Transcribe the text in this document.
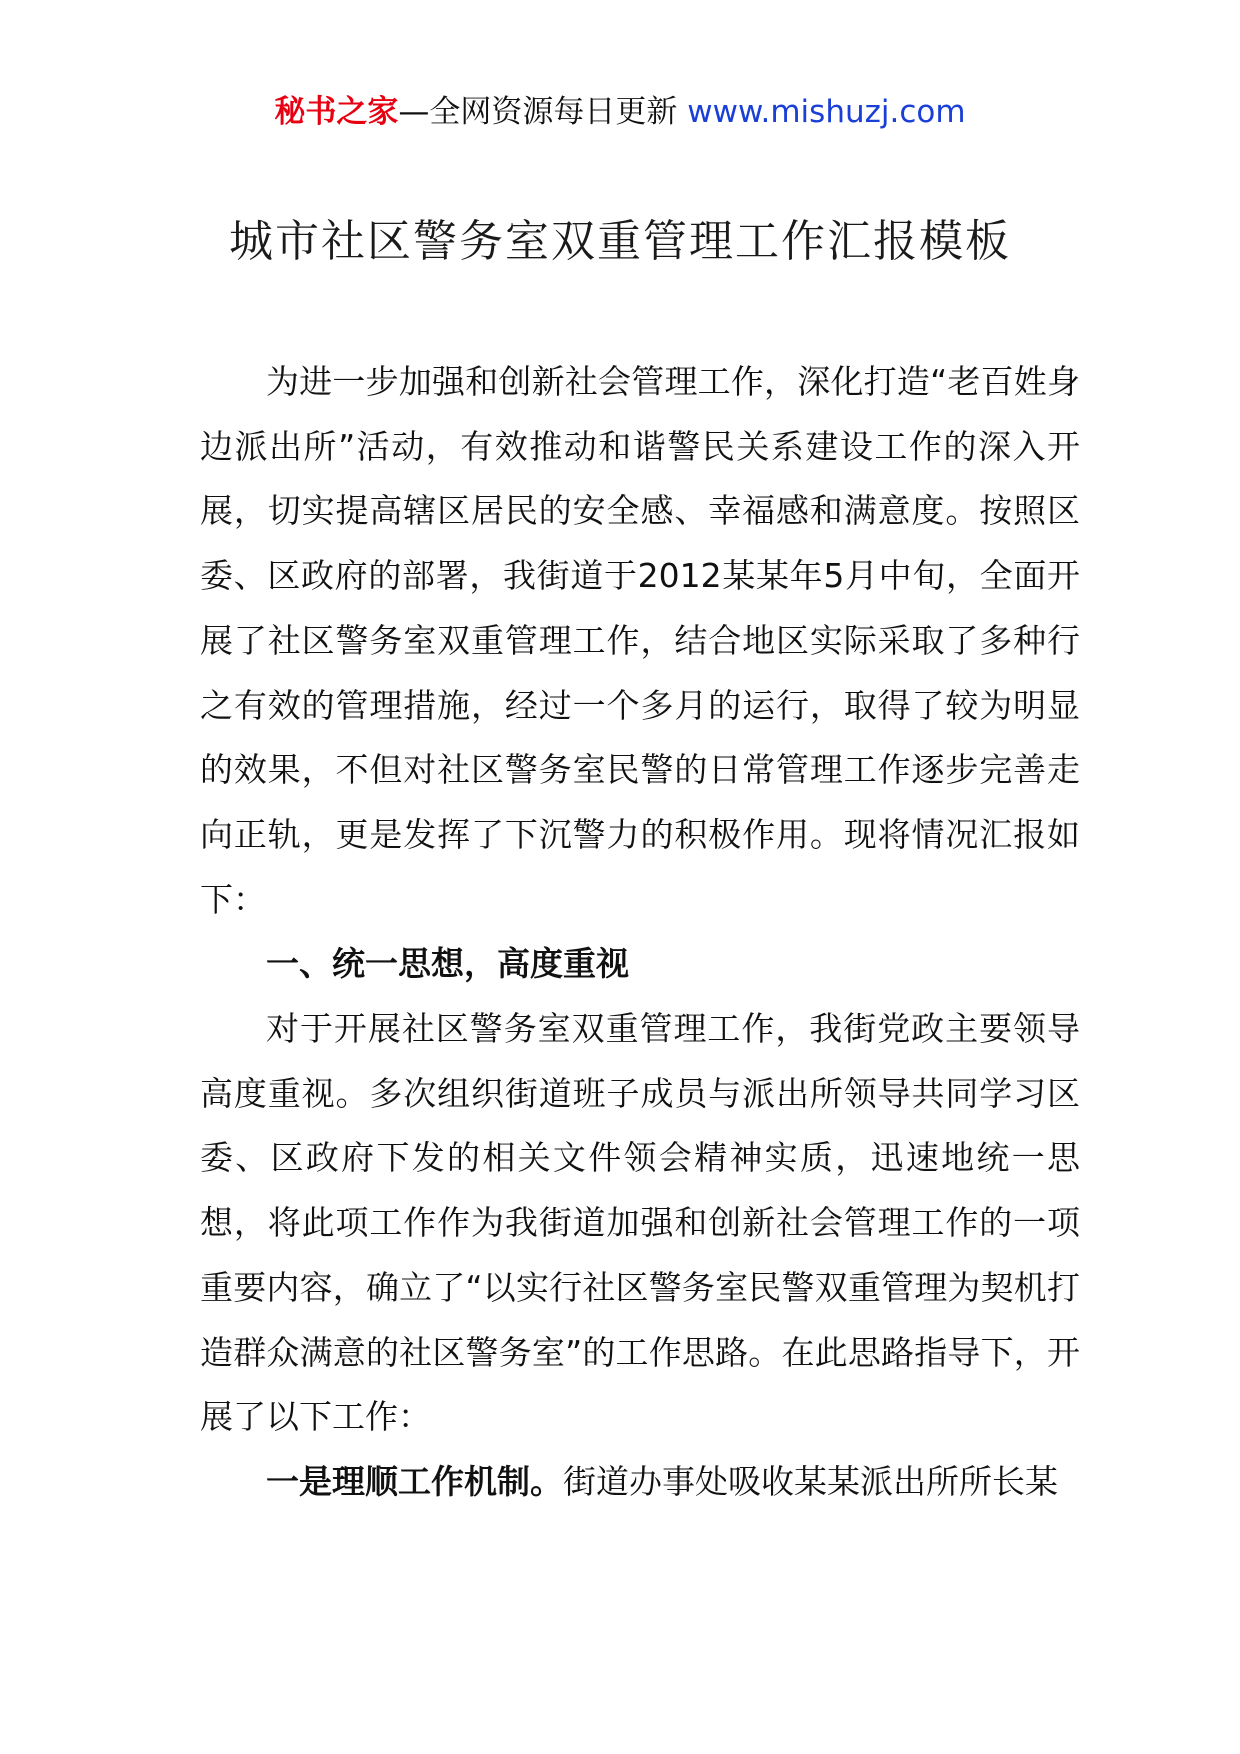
秘书之家—全网资源每日更新 www.mishuzj.com
城市社区警务室双重管理工作汇报模板

为进一步加强和创新社会管理工作，深化打造“老百姓身边派出所”活动，有效推动和谐警民关系建设工作的深入开展，切实提高辖区居民的安全感、幸福感和满意度。按照区委、区政府的部署，我街道于2012某某年5月中旬，全面开展了社区警务室双重管理工作，结合地区实际采取了多种行之有效的管理措施，经过一个多月的运行，取得了较为明显的效果，不但对社区警务室民警的日常管理工作逐步完善走向正轨，更是发挥了下沉警力的积极作用。现将情况汇报如下：

一、统一思想，高度重视

对于开展社区警务室双重管理工作，我街党政主要领导高度重视。多次组织街道班子成员与派出所领导共同学习区委、区政府下发的相关文件领会精神实质，迅速地统一思想，将此项工作作为我街道加强和创新社会管理工作的一项重要内容，确立了“以实行社区警务室民警双重管理为契机打造群众满意的社区警务室”的工作思路。在此思路指导下，开展了以下工作：

一是理顺工作机制。街道办事处吸收某某派出所所长某
